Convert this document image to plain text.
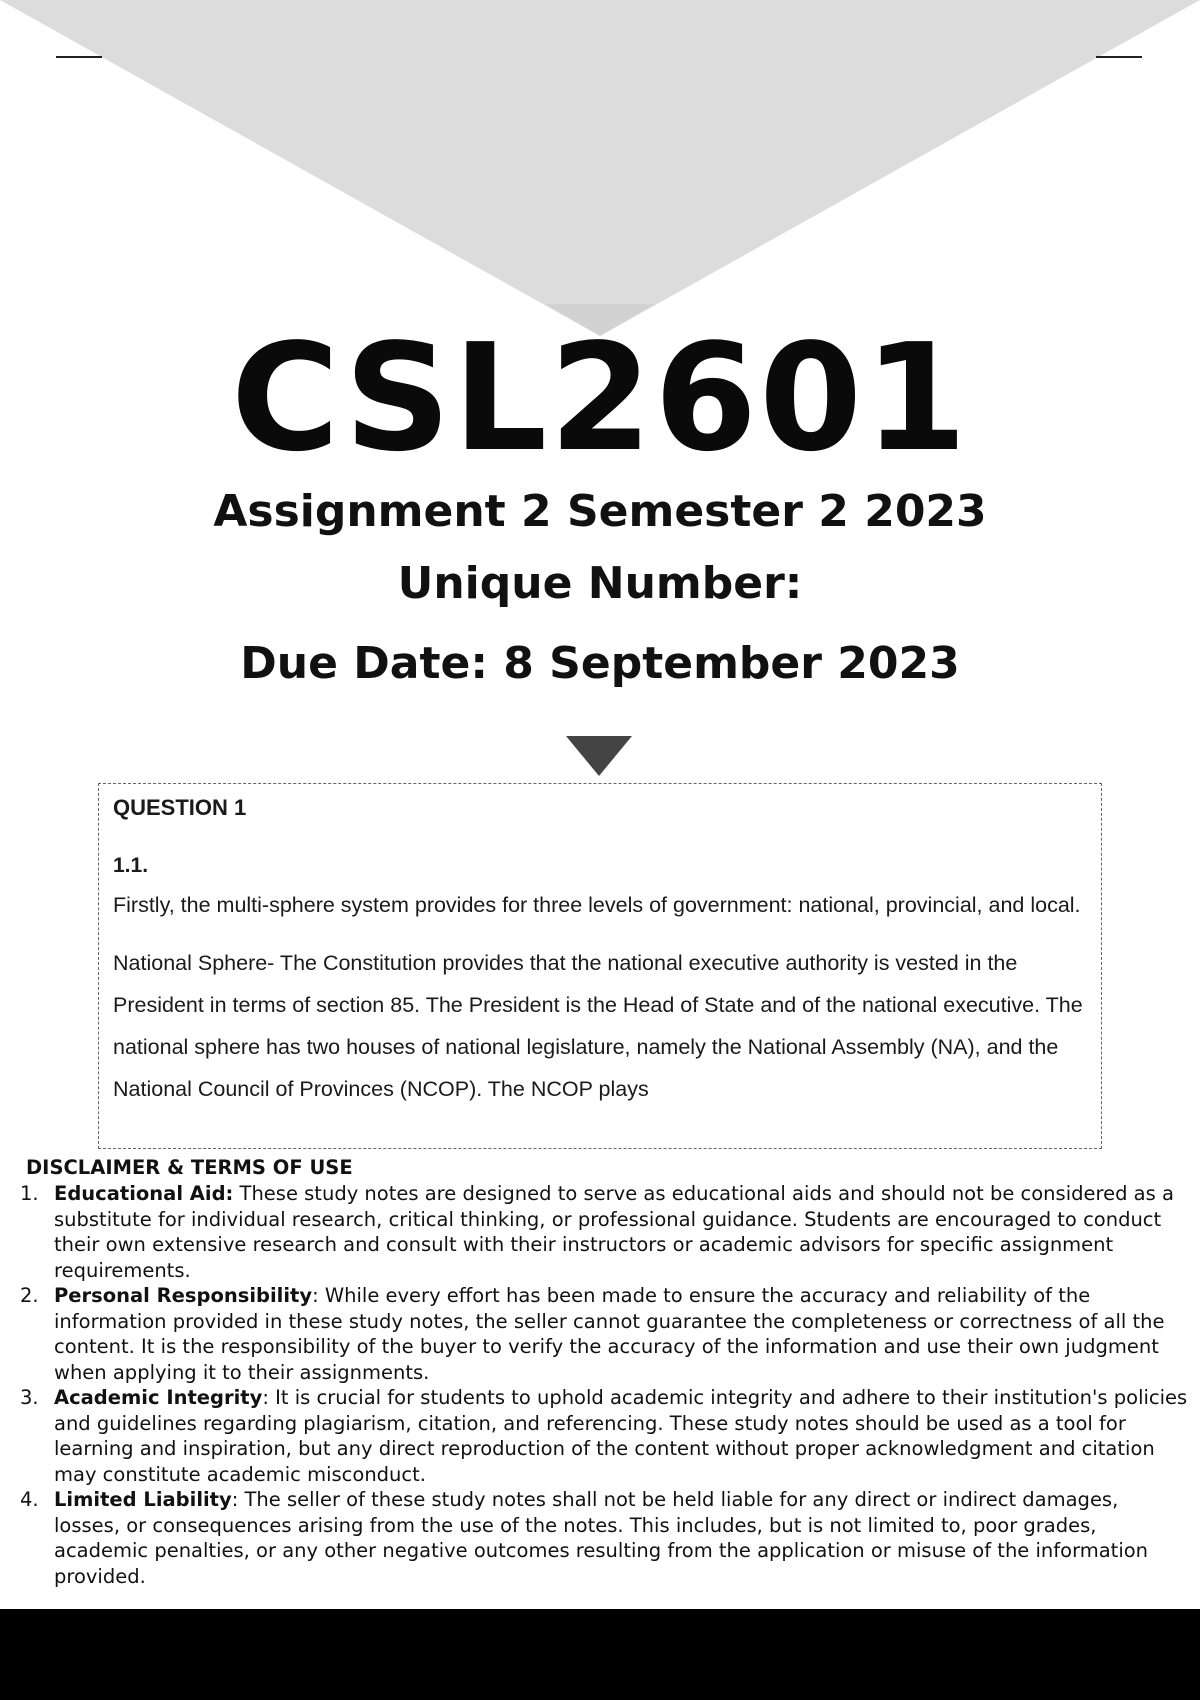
CSL2601
Assignment 2 Semester 2 2023
Unique Number:
Due Date: 8 September 2023
QUESTION 1
1.1.

Firstly, the multi-sphere system provides for three levels of government: national, provincial, and local.

National Sphere- The Constitution provides that the national executive authority is vested in the President in terms of section 85. The President is the Head of State and of the national executive. The national sphere has two houses of national legislature, namely the National Assembly (NA), and the National Council of Provinces (NCOP). The NCOP plays

DISCLAIMER & TERMS OF USE

1. Educational Aid: These study notes are designed to serve as educational aids and should not be considered as a substitute for individual research, critical thinking, or professional guidance. Students are encouraged to conduct their own extensive research and consult with their instructors or academic advisors for specific assignment requirements.

2. Personal Responsibility: While every effort has been made to ensure the accuracy and reliability of the information provided in these study notes, the seller cannot guarantee the completeness or correctness of all the content. It is the responsibility of the buyer to verify the accuracy of the information and use their own judgment when applying it to their assignments.

3. Academic Integrity: It is crucial for students to uphold academic integrity and adhere to their institution's policies and guidelines regarding plagiarism, citation, and referencing. These study notes should be used as a tool for learning and inspiration, but any direct reproduction of the content without proper acknowledgment and citation may constitute academic misconduct.

4. Limited Liability: The seller of these study notes shall not be held liable for any direct or indirect damages, losses, or consequences arising from the use of the notes. This includes, but is not limited to, poor grades, academic penalties, or any other negative outcomes resulting from the application or misuse of the information provided.
